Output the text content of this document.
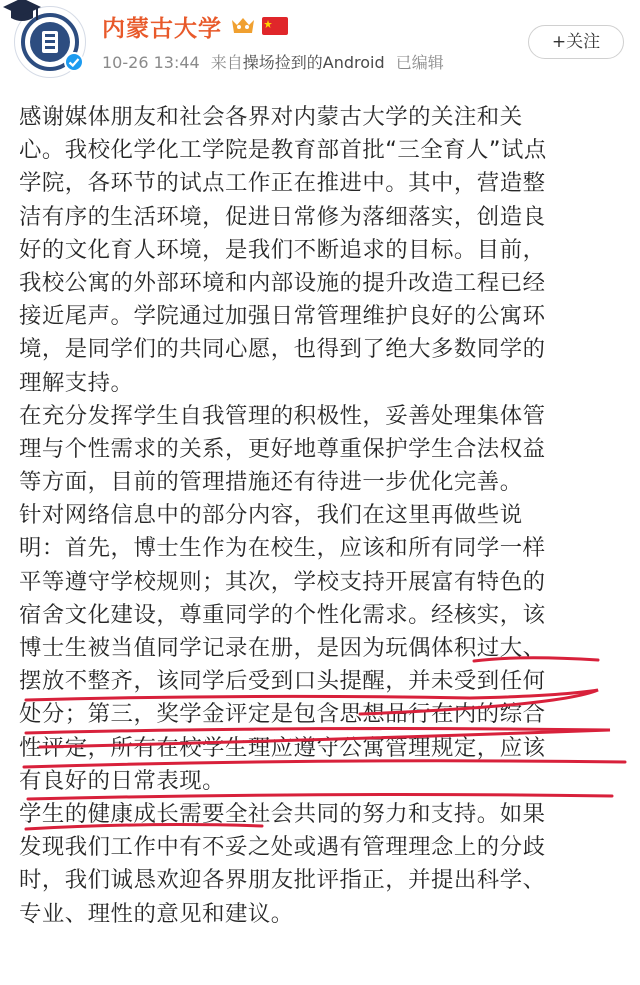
内蒙古大学
10-26 13:44 来自操场捡到的Android 已编辑
+关注
感谢媒体朋友和社会各界对内蒙古大学的关注和关
心。我校化学化工学院是教育部首批“三全育人”试点
学院，各环节的试点工作正在推进中。其中，营造整
洁有序的生活环境，促进日常修为落细落实，创造良
好的文化育人环境，是我们不断追求的目标。目前，
我校公寓的外部环境和内部设施的提升改造工程已经
接近尾声。学院通过加强日常管理维护良好的公寓环
境，是同学们的共同心愿，也得到了绝大多数同学的
理解支持。
在充分发挥学生自我管理的积极性，妥善处理集体管
理与个性需求的关系，更好地尊重保护学生合法权益
等方面，目前的管理措施还有待进一步优化完善。
针对网络信息中的部分内容，我们在这里再做些说
明：首先，博士生作为在校生，应该和所有同学一样
平等遵守学校规则；其次，学校支持开展富有特色的
宿舍文化建设，尊重同学的个性化需求。经核实，该
博士生被当值同学记录在册，是因为玩偶体积过大、
摆放不整齐，该同学后受到口头提醒，并未受到任何
处分；第三，奖学金评定是包含思想品行在内的综合
性评定，所有在校学生理应遵守公寓管理规定，应该
有良好的日常表现。
学生的健康成长需要全社会共同的努力和支持。如果
发现我们工作中有不妥之处或遇有管理理念上的分歧
时，我们诚恳欢迎各界朋友批评指正，并提出科学、
专业、理性的意见和建议。
